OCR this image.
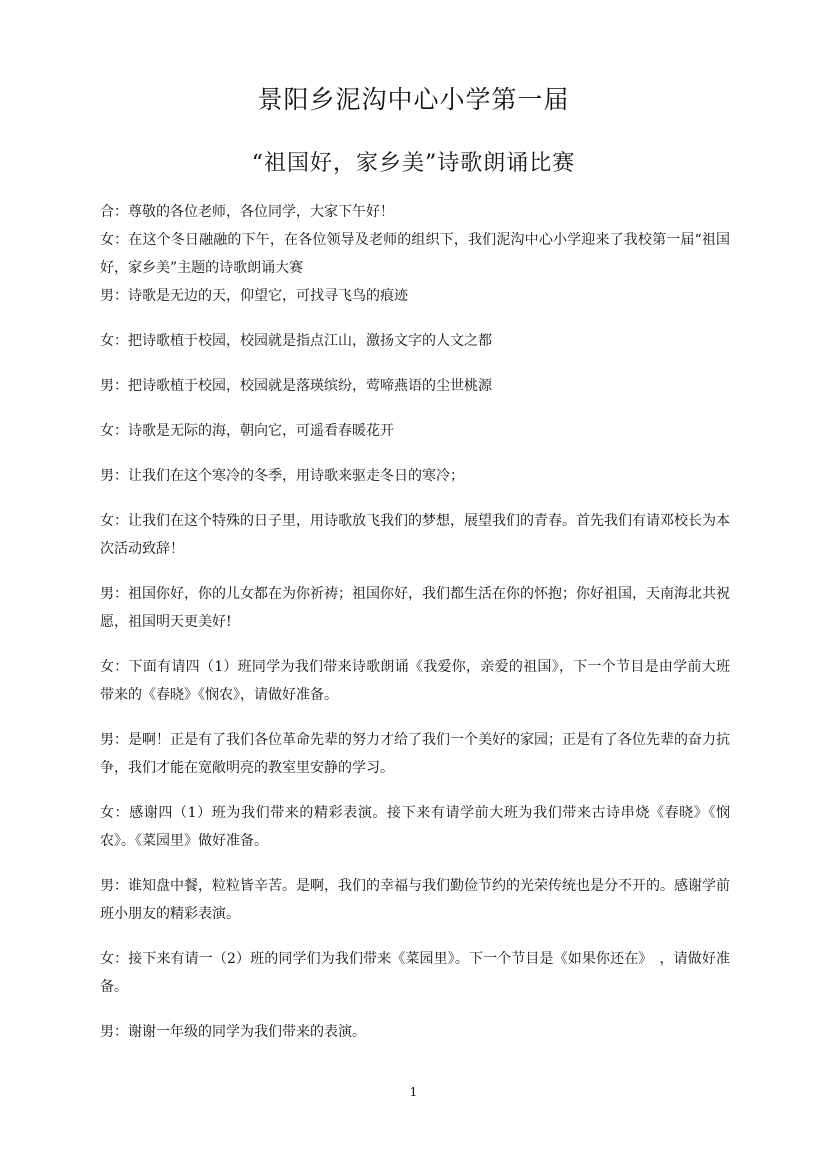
景阳乡泥沟中心小学第一届
“祖国好，家乡美”诗歌朗诵比赛

合：尊敬的各位老师，各位同学，大家下午好！

女：在这个冬日融融的下午，在各位领导及老师的组织下，我们泥沟中心小学迎来了我校第一届“祖国好，家乡美”主题的诗歌朗诵大赛

男：诗歌是无边的天，仰望它，可找寻飞鸟的痕迹

女：把诗歌植于校园，校园就是指点江山，激扬文字的人文之都

男：把诗歌植于校园，校园就是落瑛缤纷，莺啼燕语的尘世桃源

女：诗歌是无际的海，朝向它，可遥看春暖花开

男：让我们在这个寒冷的冬季，用诗歌来驱走冬日的寒冷；

女：让我们在这个特殊的日子里，用诗歌放飞我们的梦想，展望我们的青春。首先我们有请邓校长为本次活动致辞！

男：祖国你好，你的儿女都在为你祈祷；祖国你好，我们都生活在你的怀抱；你好祖国，天南海北共祝愿，祖国明天更美好!

女：下面有请四（1）班同学为我们带来诗歌朗诵《我爱你，亲爱的祖国》，下一个节目是由学前大班带来的《春晓》《悯农》，请做好准备。

男：是啊！正是有了我们各位革命先辈的努力才给了我们一个美好的家园；正是有了各位先辈的奋力抗争，我们才能在宽敞明亮的教室里安静的学习。

女：感谢四（1）班为我们带来的精彩表演。接下来有请学前大班为我们带来古诗串烧《春晓》《悯农》。《菜园里》做好准备。

男：谁知盘中餐，粒粒皆辛苦。是啊，我们的幸福与我们勤俭节约的光荣传统也是分不开的。感谢学前班小朋友的精彩表演。

女：接下来有请一（2）班的同学们为我们带来《菜园里》。下一个节目是《如果你还在》　，请做好准备。

男：谢谢一年级的同学为我们带来的表演。

1
